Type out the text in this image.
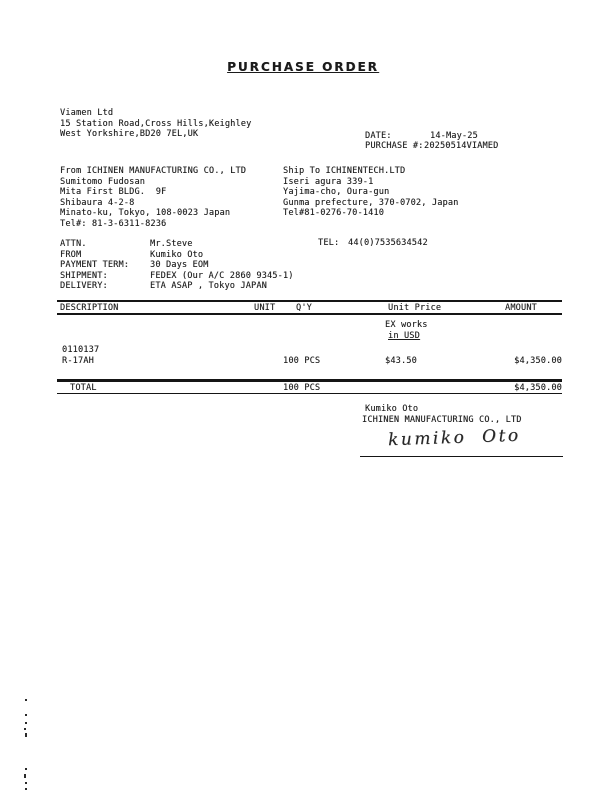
PURCHASE ORDER
Viamen Ltd
15 Station Road,Cross Hills,Keighley
West Yorkshire,BD20 7EL,UK	DATE:	14-May-25
PURCHASE #: 20250514VIAMED
From ICHINEN MANUFACTURING CO., LTD
Sumitomo Fudosan
Mita First BLDG.  9F
Shibaura 4-2-8
Minato-ku, Tokyo, 108-0023 Japan
Tel#: 81-3-6311-8236
Ship To ICHINENTECH.LTD
Iseri agura 339-1
Yajima-cho, Oura-gun
Gunma prefecture, 370-0702, Japan
Tel#81-0276-70-1410
ATTN.	Mr.Steve
FROM	Kumiko Oto
PAYMENT TERM: 30 Days EOM
SHIPMENT:	FEDEX (Our A/C 2860 9345-1)
DELIVERY:	ETA ASAP , Tokyo JAPAN
TEL: 44(0)7535634542
DESCRIPTION	UNIT Q'Y	Unit Price	AMOUNT
EX works
in USD
0110137
R-17AH	100 PCS	$43.50	$4,350.00
TOTAL	100 PCS	$4,350.00
Kumiko Oto
ICHINEN MANUFACTURING CO., LTD
kumiko  Oto
